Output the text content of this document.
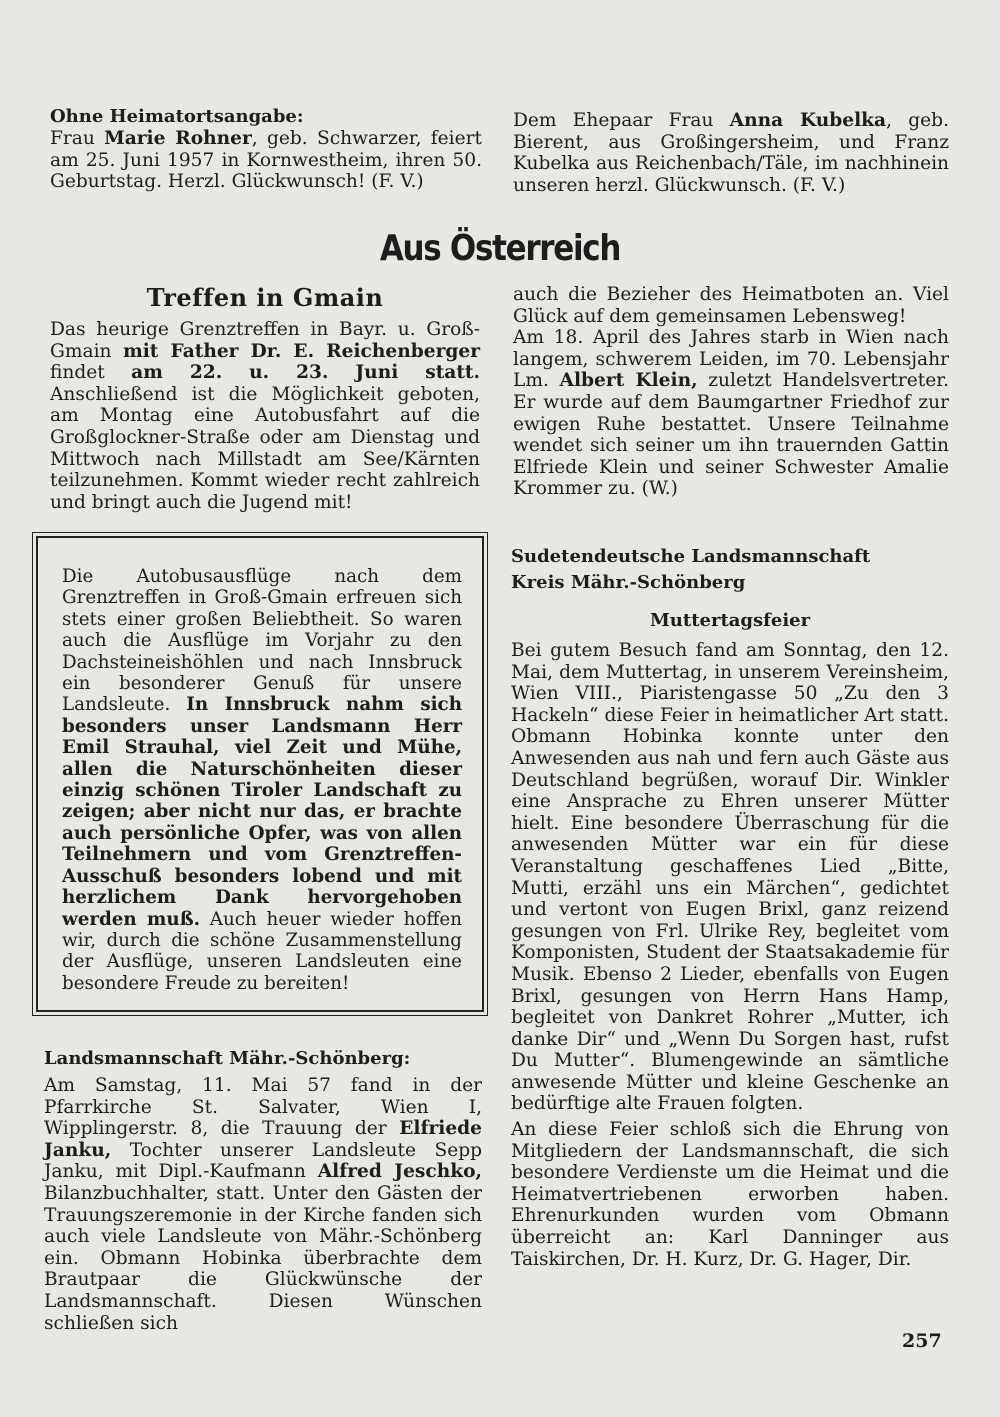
Ohne Heimatortsangabe:

Frau Marie Rohner, geb. Schwarzer, feiert am 25. Juni 1957 in Kornwestheim, ihren 50. Geburtstag. Herzl. Glückwunsch! (F. V.)

Dem Ehepaar Frau Anna Kubelka, geb. Bierent, aus Großingersheim, und Franz Kubelka aus Reichenbach/Täle, im nachhinein unseren herzl. Glückwunsch. (F. V.)

Aus Österreich
Treffen in Gmain

Das heurige Grenztreffen in Bayr. u. Groß-Gmain mit Father Dr. E. Reichenberger findet am 22. u. 23. Juni statt. Anschließend ist die Möglichkeit geboten, am Montag eine Autobusfahrt auf die Großglockner-Straße oder am Dienstag und Mittwoch nach Millstadt am See/Kärnten teilzunehmen. Kommt wieder recht zahlreich und bringt auch die Jugend mit!

Die Autobusausflüge nach dem Grenztreffen in Groß-Gmain erfreuen sich stets einer großen Beliebtheit. So waren auch die Ausflüge im Vorjahr zu den Dachsteineishöhlen und nach Innsbruck ein besonderer Genuß für unsere Landsleute. In Innsbruck nahm sich besonders unser Landsmann Herr Emil Strauhal, viel Zeit und Mühe, allen die Naturschönheiten dieser einzig schönen Tiroler Landschaft zu zeigen; aber nicht nur das, er brachte auch persönliche Opfer, was von allen Teilnehmern und vom Grenztreffen-Ausschuß besonders lobend und mit herzlichem Dank hervorgehoben werden muß. Auch heuer wieder hoffen wir, durch die schöne Zusammenstellung der Ausflüge, unseren Landsleuten eine besondere Freude zu bereiten!

Landsmannschaft Mähr.-Schönberg:

Am Samstag, 11. Mai 57 fand in der Pfarrkirche St. Salvater, Wien I, Wipplingerstr. 8, die Trauung der Elfriede Janku, Tochter unserer Landsleute Sepp Janku, mit Dipl.-Kaufmann Alfred Jeschko, Bilanzbuchhalter, statt. Unter den Gästen der Trauungszeremonie in der Kirche fanden sich auch viele Landsleute von Mähr.-Schönberg ein. Obmann Hobinka überbrachte dem Brautpaar die Glückwünsche der Landsmannschaft. Diesen Wünschen schließen sich

auch die Bezieher des Heimatboten an. Viel Glück auf dem gemeinsamen Lebensweg!

Am 18. April des Jahres starb in Wien nach langem, schwerem Leiden, im 70. Lebensjahr Lm. Albert Klein, zuletzt Handelsvertreter. Er wurde auf dem Baumgartner Friedhof zur ewigen Ruhe bestattet. Unsere Teilnahme wendet sich seiner um ihn trauernden Gattin Elfriede Klein und seiner Schwester Amalie Krommer zu. (W.)

Sudetendeutsche Landsmannschaft
Kreis Mähr.-Schönberg
Muttertagsfeier

Bei gutem Besuch fand am Sonntag, den 12. Mai, dem Muttertag, in unserem Vereinsheim, Wien VIII., Piaristengasse 50 „Zu den 3 Hackeln“ diese Feier in heimatlicher Art statt. Obmann Hobinka konnte unter den Anwesenden aus nah und fern auch Gäste aus Deutschland begrüßen, worauf Dir. Winkler eine Ansprache zu Ehren unserer Mütter hielt. Eine besondere Überraschung für die anwesenden Mütter war ein für diese Veranstaltung geschaffenes Lied „Bitte, Mutti, erzähl uns ein Märchen“, gedichtet und vertont von Eugen Brixl, ganz reizend gesungen von Frl. Ulrike Rey, begleitet vom Komponisten, Student der Staatsakademie für Musik. Ebenso 2 Lieder, ebenfalls von Eugen Brixl, gesungen von Herrn Hans Hamp, begleitet von Dankret Rohrer „Mutter, ich danke Dir“ und „Wenn Du Sorgen hast, rufst Du Mutter“. Blumengewinde an sämtliche anwesende Mütter und kleine Geschenke an bedürftige alte Frauen folgten.

An diese Feier schloß sich die Ehrung von Mitgliedern der Landsmannschaft, die sich besondere Verdienste um die Heimat und die Heimatvertriebenen erworben haben. Ehrenurkunden wurden vom Obmann überreicht an: Karl Danninger aus Taiskirchen, Dr. H. Kurz, Dr. G. Hager, Dir.

257
